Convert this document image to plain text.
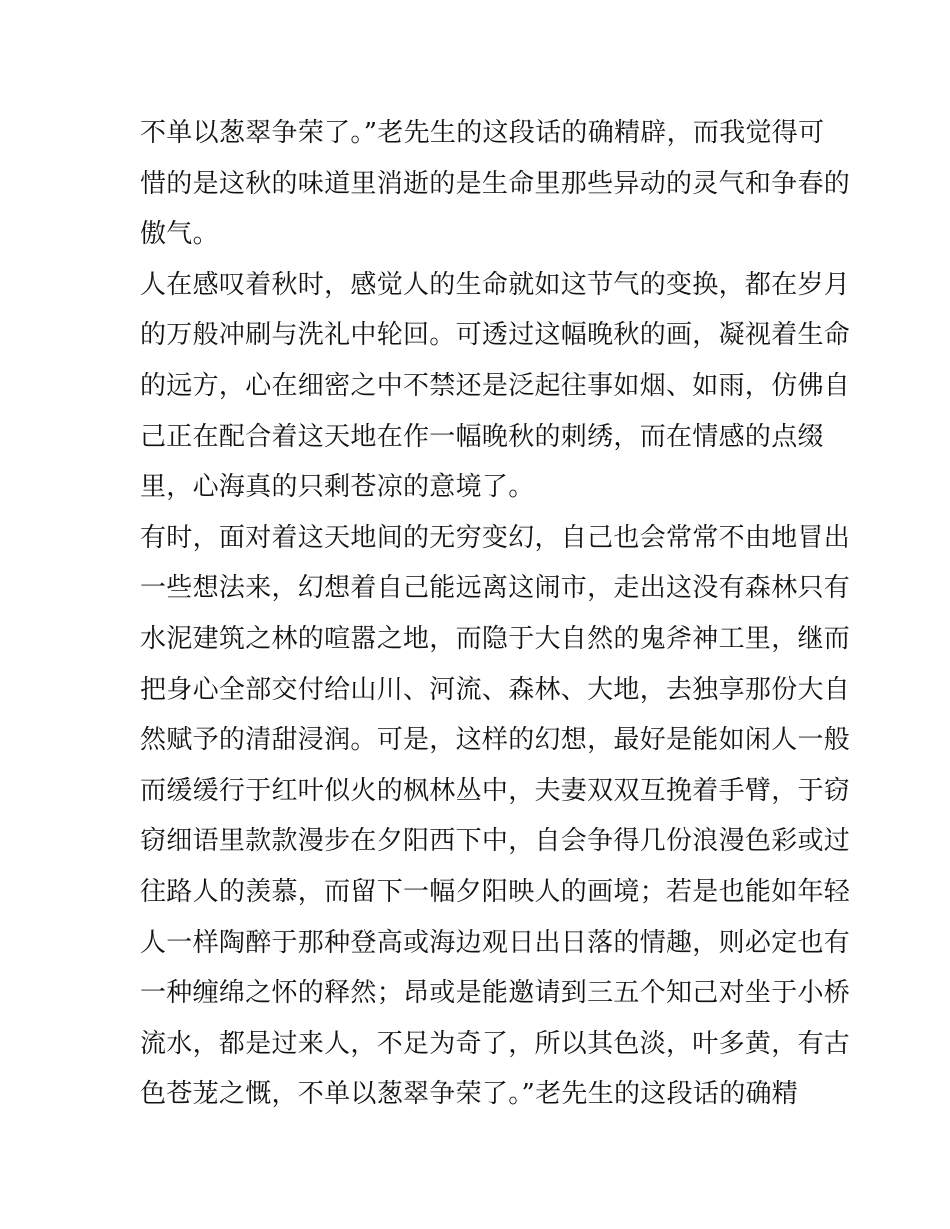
不单以葱翠争荣了。”老先生的这段话的确精辟，而我觉得可
惜的是这秋的味道里消逝的是生命里那些异动的灵气和争春的
傲气。
人在感叹着秋时，感觉人的生命就如这节气的变换，都在岁月
的万般冲刷与洗礼中轮回。可透过这幅晚秋的画，凝视着生命
的远方，心在细密之中不禁还是泛起往事如烟、如雨，仿佛自
己正在配合着这天地在作一幅晚秋的刺绣，而在情感的点缀
里，心海真的只剩苍凉的意境了。
有时，面对着这天地间的无穷变幻，自己也会常常不由地冒出
一些想法来，幻想着自己能远离这闹市，走出这没有森林只有
水泥建筑之林的喧嚣之地，而隐于大自然的鬼斧神工里，继而
把身心全部交付给山川、河流、森林、大地，去独享那份大自
然赋予的清甜浸润。可是，这样的幻想，最好是能如闲人一般
而缓缓行于红叶似火的枫林丛中，夫妻双双互挽着手臂，于窃
窃细语里款款漫步在夕阳西下中，自会争得几份浪漫色彩或过
往路人的羡慕，而留下一幅夕阳映人的画境；若是也能如年轻
人一样陶醉于那种登高或海边观日出日落的情趣，则必定也有
一种缠绵之怀的释然；昂或是能邀请到三五个知己对坐于小桥
流水，都是过来人，不足为奇了，所以其色淡，叶多黄，有古
色苍茏之慨，不单以葱翠争荣了。”老先生的这段话的确精
